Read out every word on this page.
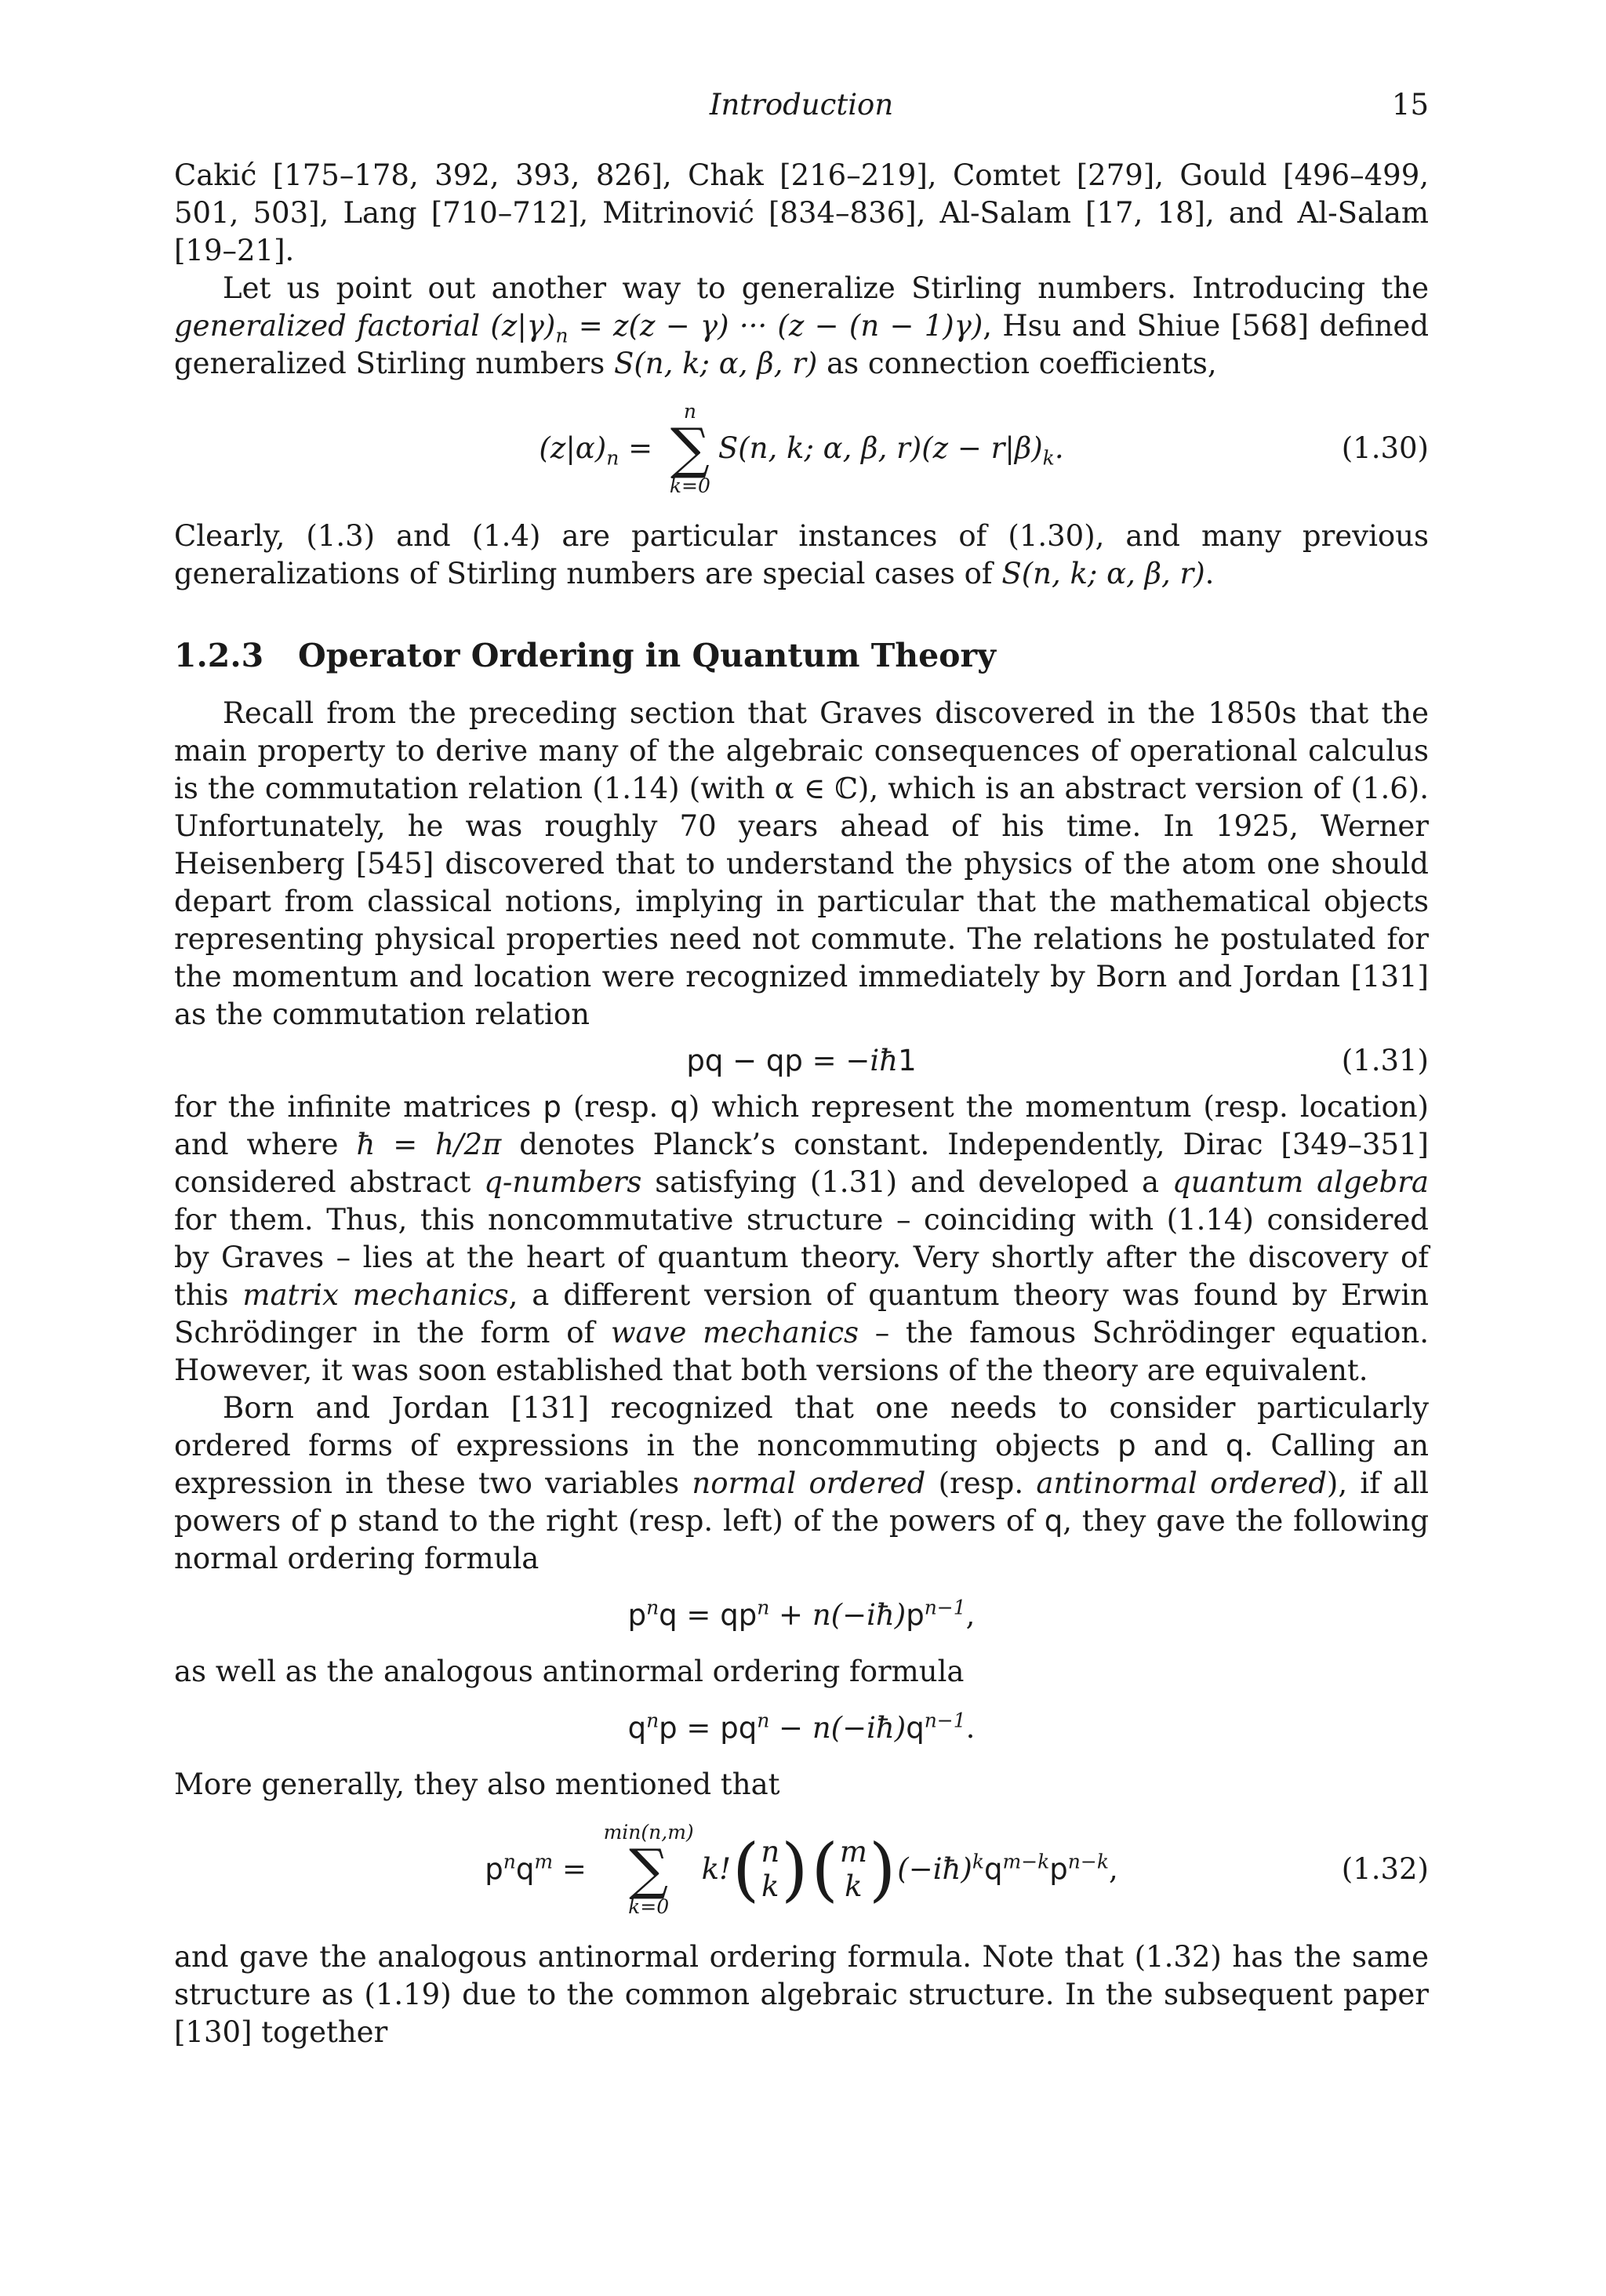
Introduction	15

Cakić [175–178, 392, 393, 826], Chak [216–219], Comtet [279], Gould [496–499, 501, 503], Lang [710–712], Mitrinović [834–836], Al-Salam [17, 18], and Al-Salam [19–21].

Let us point out another way to generalize Stirling numbers. Introducing the generalized factorial $(z|\gamma)_n = z(z - \gamma)$ ··· (z − (n − 1)γ), Hsu and Shiue [568] defined generalized Stirling numbers S(n, k; α, β, r) as connection coefficients,

$(z|\alpha)_n$ =
n
∑
k=0
S(n, k; α, β, $r)(z - r|\beta)_k$.	(1.30)

Clearly, (1.3) and (1.4) are particular instances of (1.30), and many previous generalizations of Stirling numbers are special cases of S(n, k; α, β, r).

1.2.3 Operator Ordering in Quantum Theory

Recall from the preceding section that Graves discovered in the 1850s that the main property to derive many of the algebraic consequences of operational calculus is the commutation relation (1.14) (with α ∈ ℂ), which is an abstract version of (1.6). Unfortunately, he was roughly 70 years ahead of his time. In 1925, Werner Heisenberg [545] discovered that to understand the physics of the atom one should depart from classical notions, implying in particular that the mathematical objects representing physical properties need not commute. The relations he postulated for the momentum and location were recognized immediately by Born and Jordan [131] as the commutation relation

pq − qp = −iħ1	(1.31)

for the infinite matrices p (resp. q) which represent the momentum (resp. location) and where ħ = h/2π denotes Planck’s constant. Independently, Dirac [349–351] considered abstract q-numbers satisfying (1.31) and developed a quantum algebra for them. Thus, this noncommutative structure – coinciding with (1.14) considered by Graves – lies at the heart of quantum theory. Very shortly after the discovery of this matrix mechanics, a different version of quantum theory was found by Erwin Schrödinger in the form of wave mechanics – the famous Schrödinger equation. However, it was soon established that both versions of the theory are equivalent.

Born and Jordan [131] recognized that one needs to consider particularly ordered forms of expressions in the noncommuting objects p and q. Calling an expression in these two variables normal ordered (resp. antinormal ordered), if all powers of p stand to the right (resp. left) of the powers of q, they gave the following normal ordering formula

$p^nq = qp^n$ + $n(-iħ)p^{n-1}$,

as well as the analogous antinormal ordering formula

$q^np = pq^n$ − $n(-iħ)q^{n-1}$.

More generally, they also mentioned that

$p^nq^m$ =
min(n,m)
∑
k=0
k! ( n
k ) ( m
k ) $(-iħ)^kq^{m-k}p^{n-k}$,	(1.32)

and gave the analogous antinormal ordering formula. Note that (1.32) has the same structure as (1.19) due to the common algebraic structure. In the subsequent paper [130] together
